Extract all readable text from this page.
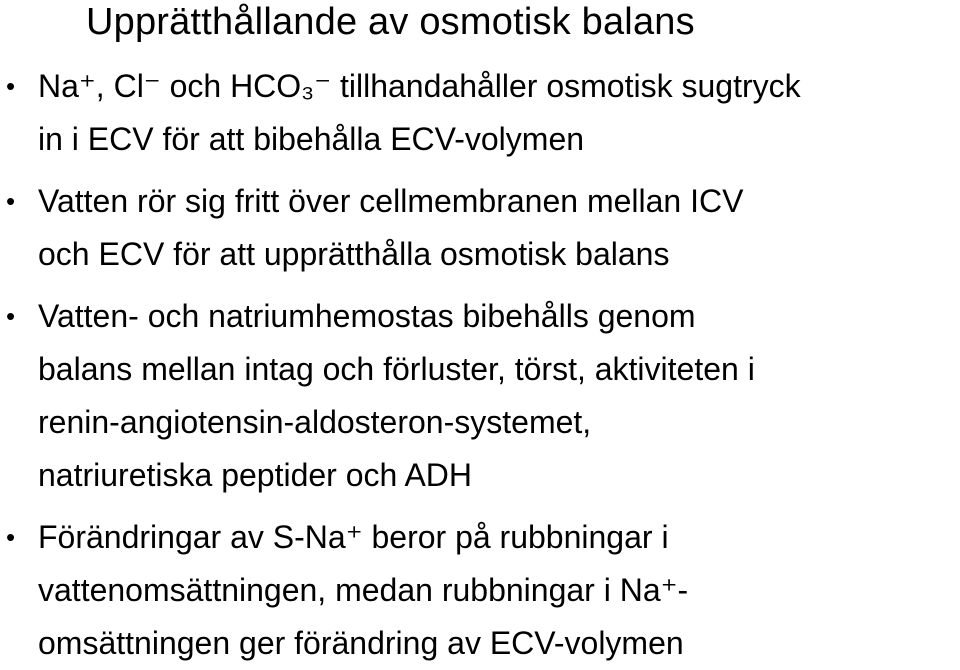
Upprätthållande av osmotisk balans
• Na⁺, Cl⁻ och HCO₃⁻ tillhandahåller osmotisk sugtryck
in i ECV för att bibehålla ECV-volymen
• Vatten rör sig fritt över cellmembranen mellan ICV
och ECV för att upprätthålla osmotisk balans
• Vatten- och natriumhemostas bibehålls genom
balans mellan intag och förluster, törst, aktiviteten i
renin-angiotensin-aldosteron-systemet,
natriuretiska peptider och ADH
• Förändringar av S-Na⁺ beror på rubbningar i
vattenomsättningen, medan rubbningar i Na⁺-
omsättningen ger förändring av ECV-volymen
